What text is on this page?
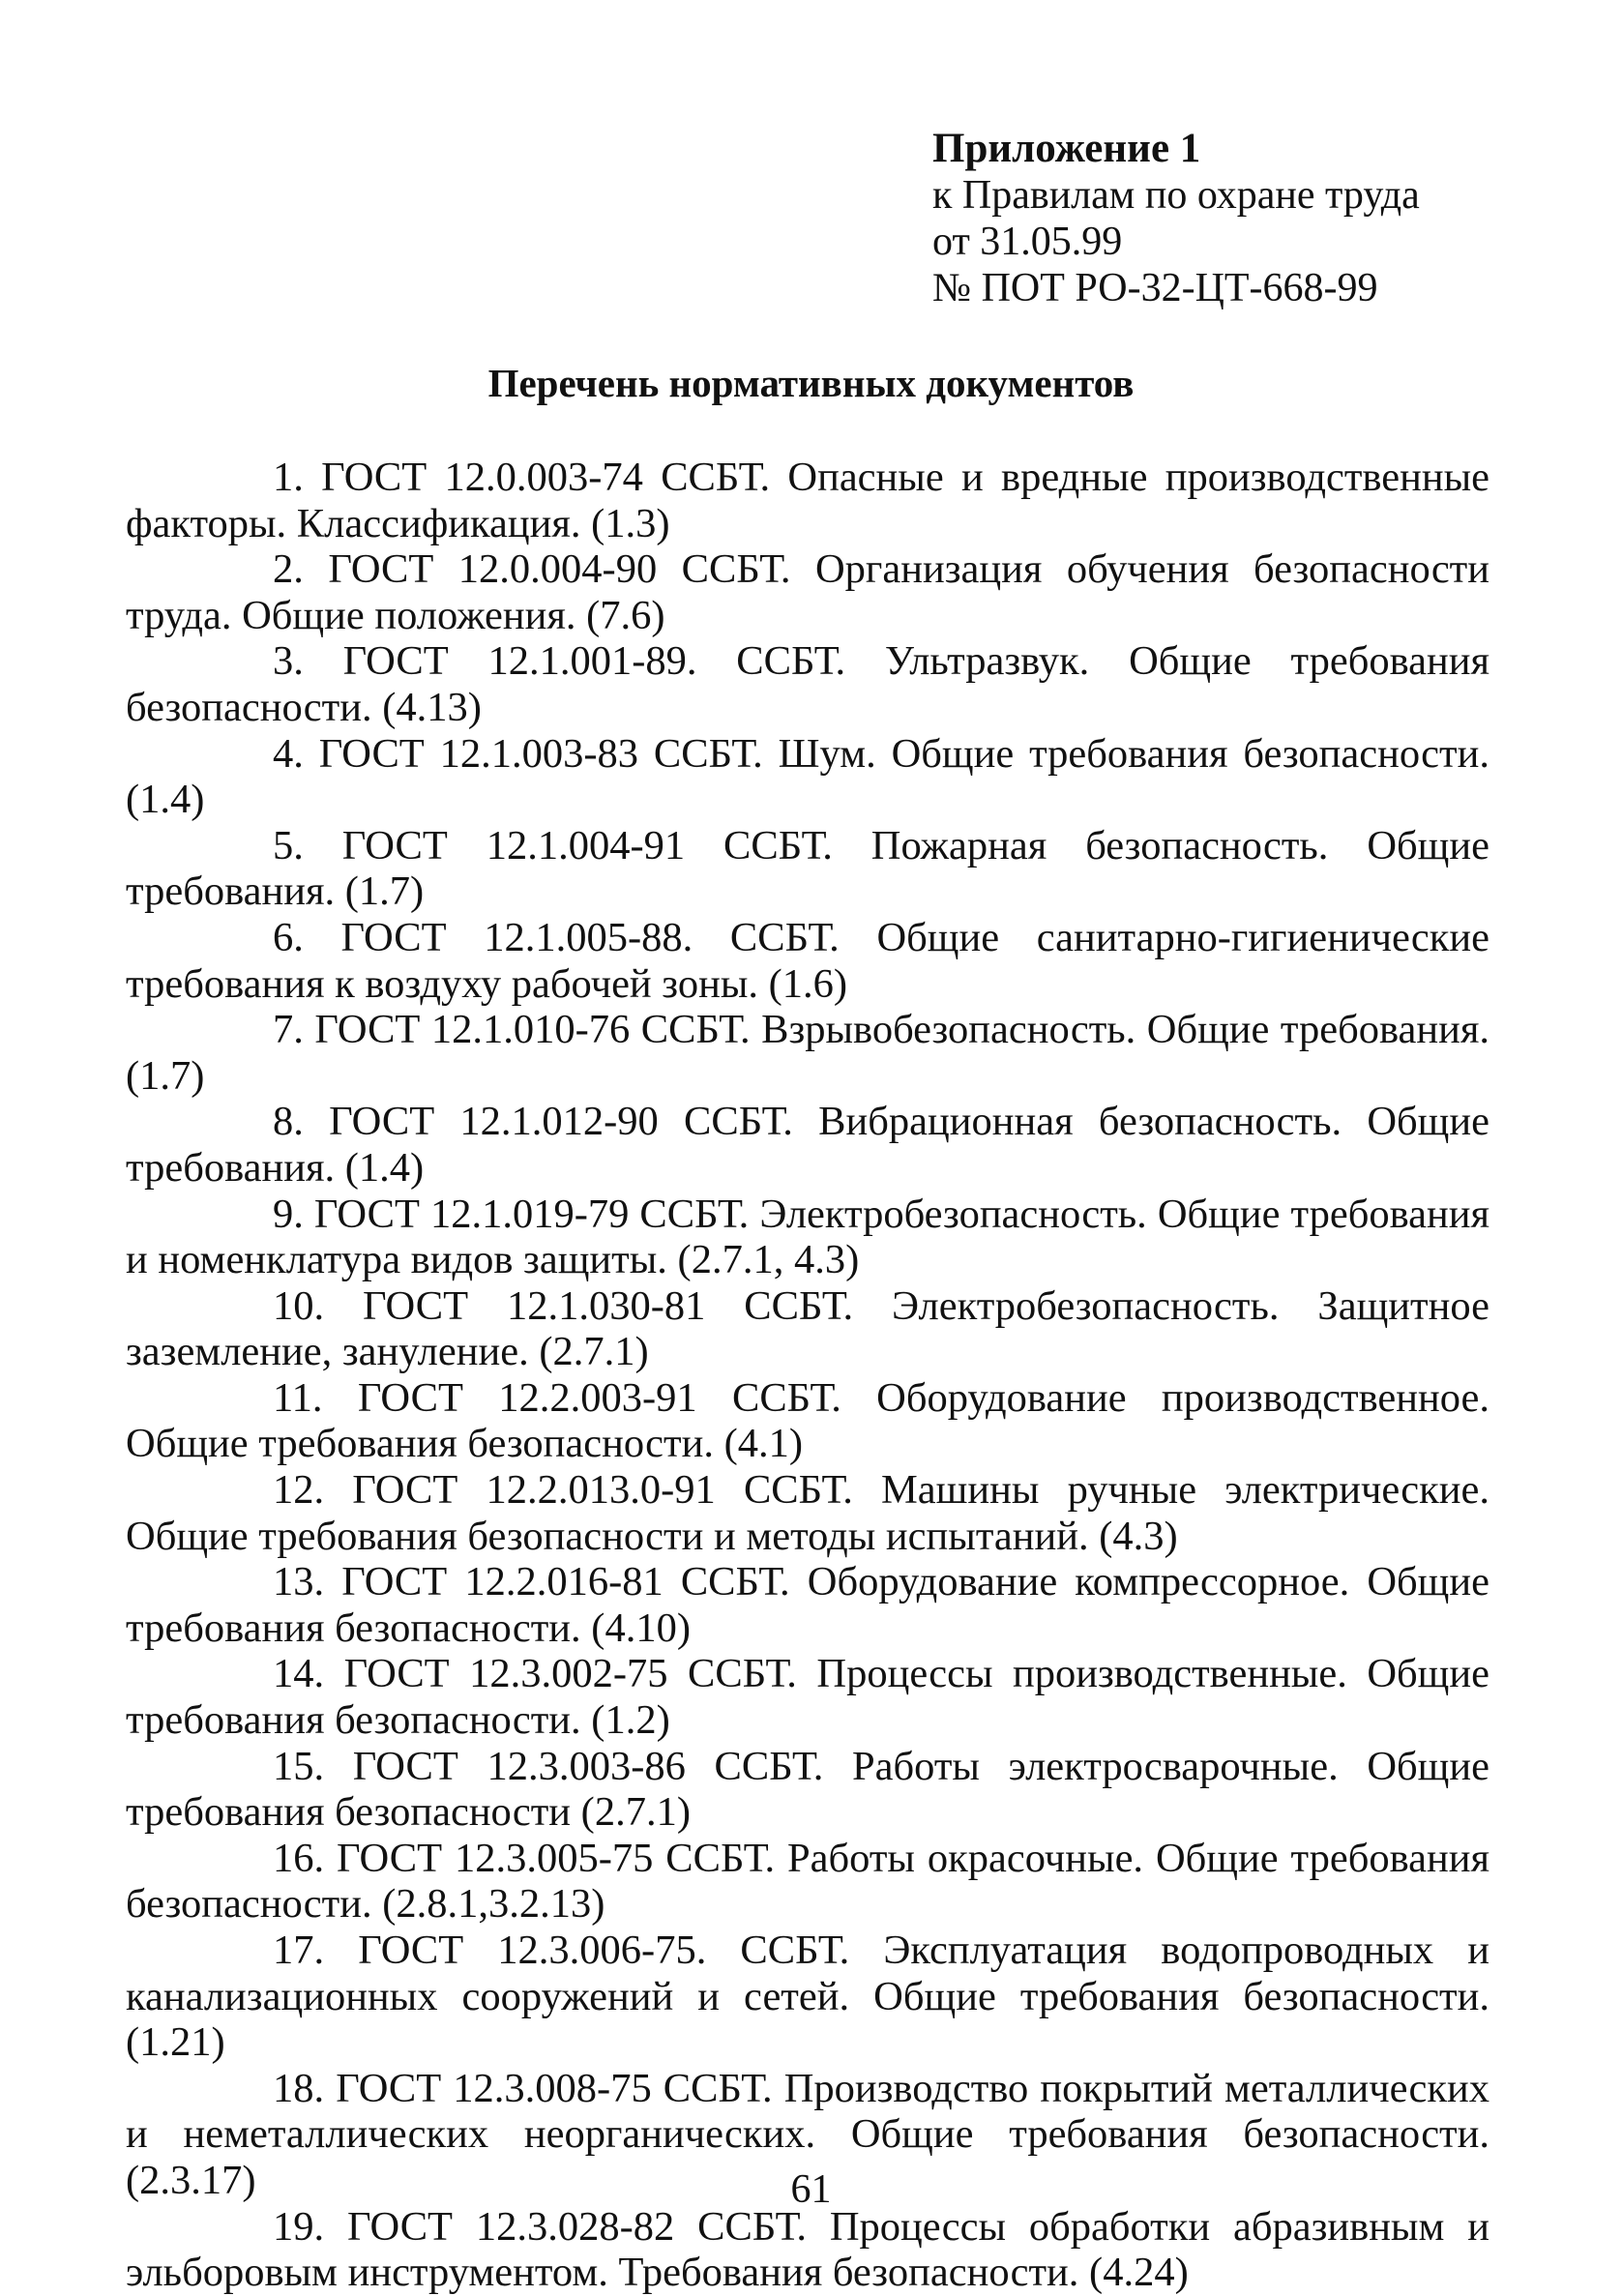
Приложение 1
к Правилам по охране труда
от 31.05.99
№ ПОТ РО-32-ЦТ-668-99
Перечень нормативных документов

1. ГОСТ 12.0.003-74 ССБТ. Опасные и вредные производственные факторы. Классификация. (1.3)

2. ГОСТ 12.0.004-90 ССБТ. Организация обучения безопасности труда. Общие положения. (7.6)

3. ГОСТ 12.1.001-89. ССБТ. Ультразвук. Общие требования безопасности. (4.13)

4. ГОСТ 12.1.003-83 ССБТ. Шум. Общие требования безопасности. (1.4)

5. ГОСТ 12.1.004-91 ССБТ. Пожарная безопасность. Общие требования. (1.7)

6. ГОСТ 12.1.005-88. ССБТ. Общие санитарно-гигиенические требования к воздуху рабочей зоны. (1.6)

7. ГОСТ 12.1.010-76 ССБТ. Взрывобезопасность. Общие требования. (1.7)

8. ГОСТ 12.1.012-90 ССБТ. Вибрационная безопасность. Общие требования. (1.4)

9. ГОСТ 12.1.019-79 ССБТ. Электробезопасность. Общие требования и номенклатура видов защиты. (2.7.1, 4.3)

10. ГОСТ 12.1.030-81 ССБТ. Электробезопасность. Защитное заземление, зануление. (2.7.1)

11. ГОСТ 12.2.003-91 ССБТ. Оборудование производственное. Общие требования безопасности. (4.1)

12. ГОСТ 12.2.013.0-91 ССБТ. Машины ручные электрические. Общие требования безопасности и методы испытаний. (4.3)

13. ГОСТ 12.2.016-81 ССБТ. Оборудование компрессорное. Общие требования безопасности. (4.10)

14. ГОСТ 12.3.002-75 ССБТ. Процессы производственные. Общие требования безопасности. (1.2)

15. ГОСТ 12.3.003-86 ССБТ. Работы электросварочные. Общие требования безопасности (2.7.1)

16. ГОСТ 12.3.005-75 ССБТ. Работы окрасочные. Общие требования безопасности. (2.8.1,3.2.13)

17. ГОСТ 12.3.006-75. ССБТ. Эксплуатация водопроводных и канализационных сооружений и сетей. Общие требования безопасности. (1.21)

18. ГОСТ 12.3.008-75 ССБТ. Производство покрытий металлических и неметаллических неорганических. Общие требования безопасности. (2.3.17)

19. ГОСТ 12.3.028-82 ССБТ. Процессы обработки абразивным и эльборовым инструментом. Требования безопасности. (4.24)

61
